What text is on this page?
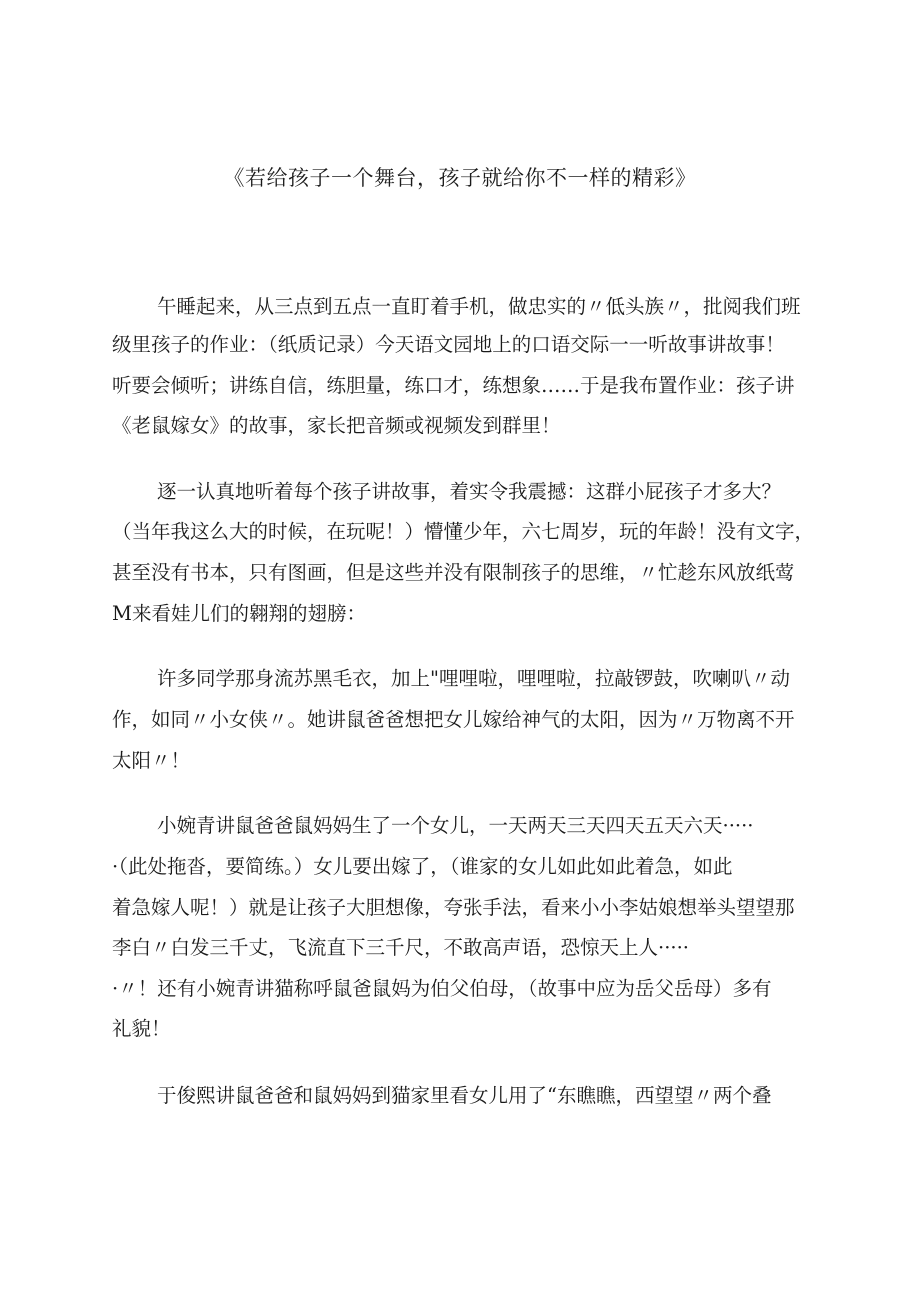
《若给孩子一个舞台，孩子就给你不一样的精彩》
午睡起来，从三点到五点一直盯着手机，做忠实的〃低头族〃，批阅我们班
级里孩子的作业：（纸质记录）今天语文园地上的口语交际一一听故事讲故事！
听要会倾听；讲练自信，练胆量，练口才，练想象……于是我布置作业：孩子讲
《老鼠嫁女》的故事，家长把音频或视频发到群里！
逐一认真地听着每个孩子讲故事，着实令我震撼：这群小屁孩子才多大？
（当年我这么大的时候，在玩呢！）懵懂少年，六七周岁，玩的年龄！没有文字，
甚至没有书本，只有图画，但是这些并没有限制孩子的思维，〃忙趁东风放纸莺
M来看娃儿们的翱翔的翅膀：
许多同学那身流苏黑毛衣，加上"哩哩啦，哩哩啦，拉敲锣鼓，吹喇叭〃动
作，如同〃小女侠〃。她讲鼠爸爸想把女儿嫁给神气的太阳，因为〃万物离不开
太阳〃！
小婉青讲鼠爸爸鼠妈妈生了一个女儿，一天两天三天四天五天六天·····
·（此处拖沓，要简练。）女儿要出嫁了，（谁家的女儿如此如此着急，如此
着急嫁人呢！）就是让孩子大胆想像，夸张手法，看来小小李姑娘想举头望望那
李白〃白发三千丈，飞流直下三千尺，不敢高声语，恐惊天上人·····
·〃！还有小婉青讲猫称呼鼠爸鼠妈为伯父伯母，（故事中应为岳父岳母）多有
礼貌！
于俊熙讲鼠爸爸和鼠妈妈到猫家里看女儿用了“东瞧瞧，西望望〃两个叠
